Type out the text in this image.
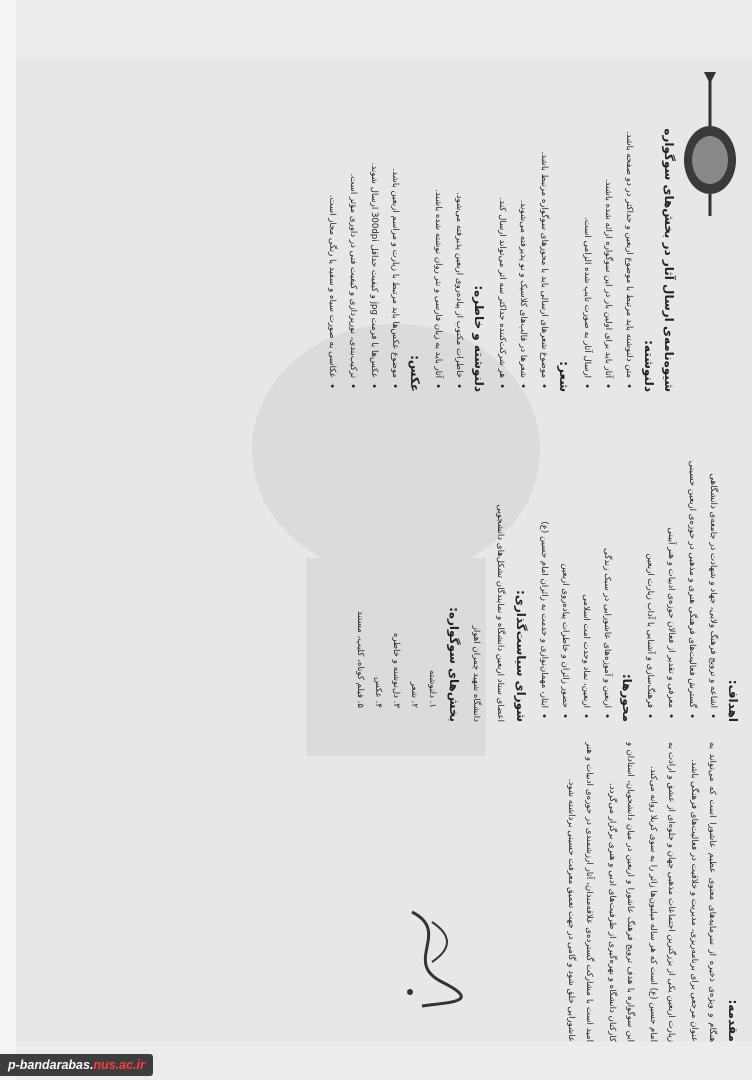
مقدمه:

هنگام و ویژه‌ی ذخیره از سرمایه‌های معنوی عظیم عاشورا است که می‌تواند به عنوان مرجعی برای برنامه‌ریزی، مدیریت و خلاقیت در فعالیت‌های فرهنگی باشد.

زیارت اربعین یکی از بزرگترین اجتماعات مذهبی جهان و جلوه‌ای از عشق و ارادت به امام حسین (ع) است که هر ساله میلیون‌ها زائر را به سوی کربلا روانه می‌کند.

این سوگواره با هدف ترویج فرهنگ عاشورا و اربعین در میان دانشجویان، استادان و کارکنان دانشگاه و بهره‌گیری از ظرفیت‌های ادبی و هنری برگزار می‌گردد.

امید است با مشارکت گسترده‌ی علاقه‌مندان، آثار ارزشمندی در حوزه‌ی ادبیات و هنر عاشورایی خلق شود و گامی در جهت تعمیق معرفت حسینی برداشته شود.

اهداف:
• اشاعه و ترویج فرهنگ ولایی، جهاد و شهادت در جامعه‌ی دانشگاهی
• گسترش فعالیت‌های فرهنگی هنری و مذهبی در حوزه‌ی اربعین حسینی
• معرفی و تقدیر از فعالان حوزه‌ی ادبیات و هنر آیینی
• فرهنگ‌سازی و آشنایی با آداب زیارت اربعین
محورها:
• اربعین و آموزه‌های عاشورایی در سبک زندگی
• اربعین، نماد وحدت امت اسلامی
• حضور زائران و خاطرات پیاده‌روی اربعین
• ایثار، مهمان‌نوازی و خدمت به زائران امام حسین (ع)
شورای سیاست‌گذاری:

اعضای ستاد اربعین دانشگاه و نمایندگان تشکل‌های دانشجویی

دانشگاه شهید چمران اهواز

بخش‌های سوگواره:
۱. دلنوشته
۲. شعر
۳. دل‌نوشته و خاطره
۴. عکس
۵. فیلم کوتاه، کلیپ، مستند
شیوه‌نامه‌ی ارسال آثار در بخش‌های سوگواره
دلنوشته:
• متن دلنوشته باید مرتبط با موضوع اربعین و حداکثر در دو صفحه باشد.
• آثار باید برای اولین بار در این سوگواره ارائه شده باشند.
• ارسال آثار به صورت تایپ شده الزامی است.
شعر:
• موضوع شعرهای ارسالی باید با محورهای سوگواره مرتبط باشد.
• شعرها در قالب‌های کلاسیک و نو پذیرفته می‌شوند.
• هر شرکت‌کننده حداکثر سه اثر می‌تواند ارسال کند.
دلنوشته و خاطره:
• خاطرات مکتوب از پیاده‌روی اربعین پذیرفته می‌شود.
• آثار باید به زبان فارسی و نثر روان نوشته شده باشند.
عکس:
• موضوع عکس‌ها باید مرتبط با زیارت و مراسم اربعین باشد.
• عکس‌ها با فرمت jpg و کیفیت حداقل 300dpi ارسال شوند.
• ترکیب‌بندی، نورپردازی و کیفیت فنی در داوری مؤثر است.
• عکاسی به صورت سیاه و سفید یا رنگی مجاز است.
p-bandarabas.nus.ac.ir
